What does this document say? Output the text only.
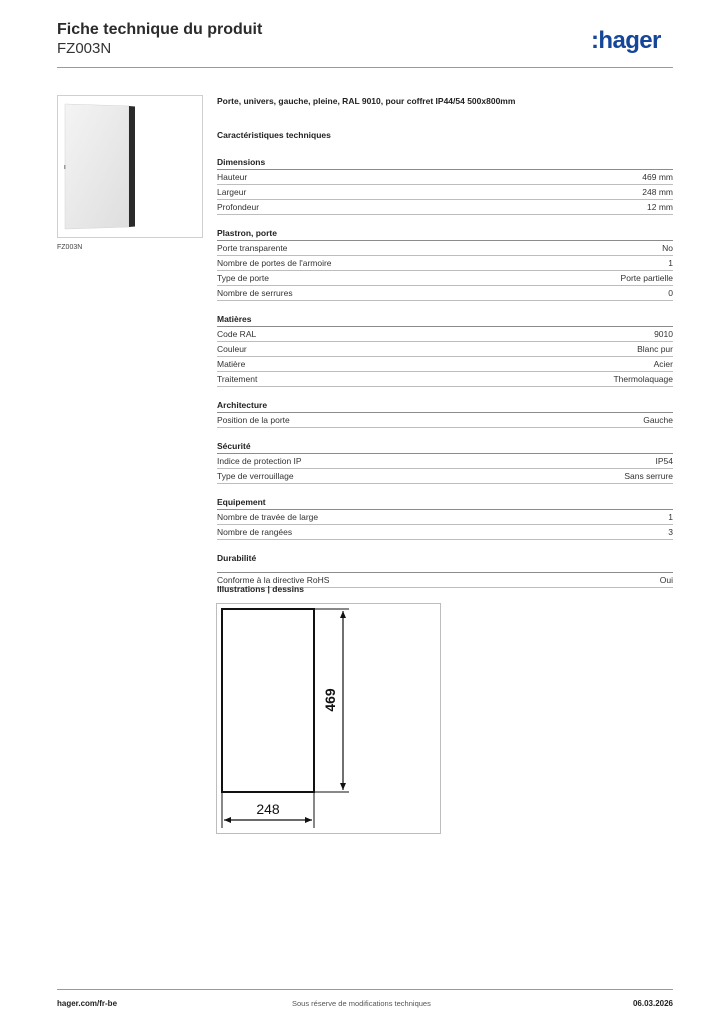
Fiche technique du produit
FZ003N	:hager
FZ003N
Porte, univers, gauche, pleine, RAL 9010, pour coffret IP44/54 500x800mm
Caractéristiques techniques
Dimensions
Hauteur	469 mm
Largeur	248 mm
Profondeur	12 mm
Plastron, porte
Porte transparente	No
Nombre de portes de l'armoire	1
Type de porte	Porte partielle
Nombre de serrures	0
Matières
Code RAL	9010
Couleur	Blanc pur
Matière	Acier
Traitement	Thermolaquage
Architecture
Position de la porte	Gauche
Sécurité
Indice de protection IP	IP54
Type de verrouillage	Sans serrure
Equipement
Nombre de travée de large	1
Nombre de rangées	3
Durabilité
Conforme à la directive RoHS	Oui
Illustrations | dessins
469
248
hager.com/fr-be	Sous réserve de modifications techniques	06.03.2026
